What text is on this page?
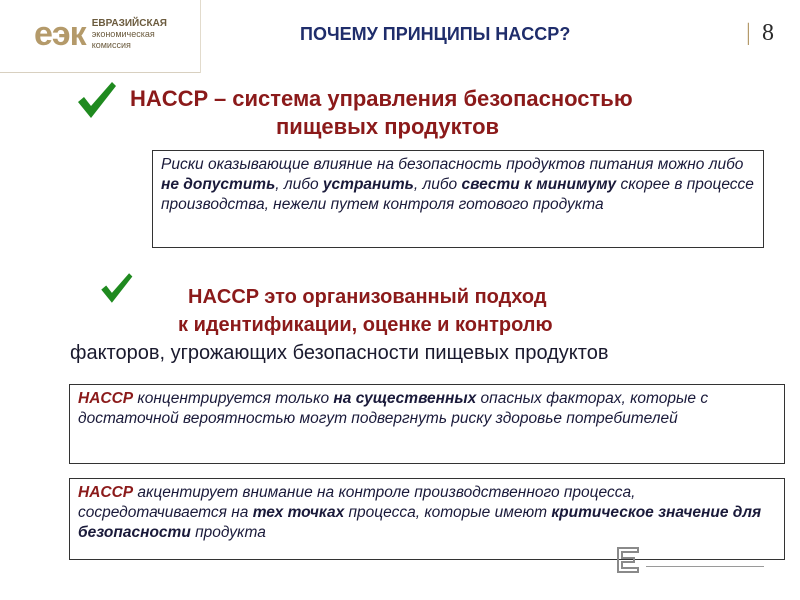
еэк ЕВРАЗИЙСКАЯ
экономическая
комиссия
ПОЧЕМУ ПРИНЦИПЫ HACCP?	| 8
HACCP – система управления безопасностью
пищевых продуктов
Риски оказывающие влияние на безопасность продуктов питания можно либо не допустить, либо устранить, либо свести к минимуму скорее в процессе производства, нежели путем контроля готового продукта
HACCP это организованный подход
к идентификации, оценке и контролю
факторов, угрожающих безопасности пищевых продуктов
HACCP концентрируется только на существенных опасных факторах, которые с достаточной вероятностью могут подвергнуть риску здоровье потребителей
HACCP акцентирует внимание на контроле производственного процесса, сосредотачивается на тех точках процесса, которые имеют критическое значение для безопасности продукта
